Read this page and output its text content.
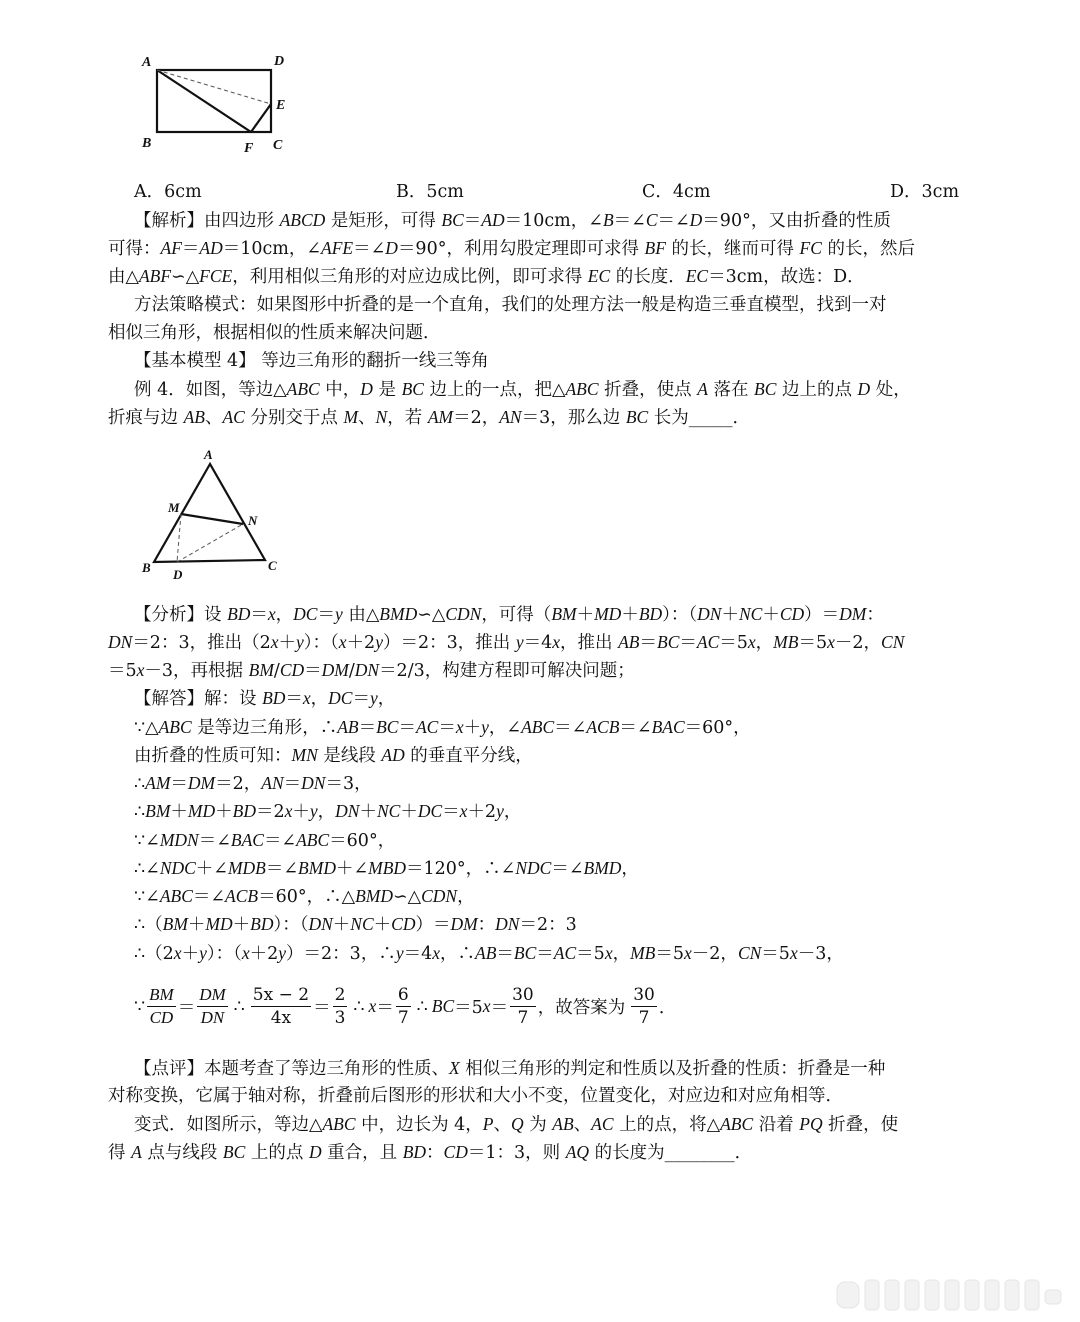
A	D
E
B	F C
A．6cm	B．5cm	C．4cm	D．3cm
【解析】由四边形 ABCD 是矩形，可得 BC＝AD＝10cm，∠B＝∠C＝∠D＝90°，又由折叠的性质
可得：AF＝AD＝10cm，∠AFE＝∠D＝90°，利用勾股定理即可求得 BF 的长，继而可得 FC 的长，然后
由△ABF∽△FCE，利用相似三角形的对应边成比例，即可求得 EC 的长度．EC＝3cm，故选：D．
方法策略模式：如果图形中折叠的是一个直角，我们的处理方法一般是构造三垂直模型，找到一对
相似三角形，根据相似的性质来解决问题．
【基本模型 4】 等边三角形的翻折一线三等角
例 4．如图，等边△ABC 中，D 是 BC 边上的一点，把△ABC 折叠，使点 A 落在 BC 边上的点 D 处，
折痕与边 AB、AC 分别交于点 M、N，若 AM＝2，AN＝3，那么边 BC 长为_____．
A
M
N
B D
C
【分析】设 BD＝x，DC＝y 由△BMD∽△CDN，可得（BM＋MD＋BD）：（DN＋NC＋CD）＝DM：
DN＝2：3，推出（2x＋y）：（x＋2y）＝2：3，推出 y＝4x，推出 AB＝BC＝AC＝5x，MB＝5x－2，CN
＝5x－3，再根据 BM/CD＝DM/DN＝2/3，构建方程即可解决问题；
【解答】解：设 BD＝x，DC＝y，
∵△ABC 是等边三角形，∴AB＝BC＝AC＝x＋y，∠ABC＝∠ACB＝∠BAC＝60°，
由折叠的性质可知：MN 是线段 AD 的垂直平分线，
∴AM＝DM＝2，AN＝DN＝3，
∴BM＋MD＋BD＝2x＋y，DN＋NC＋DC＝x＋2y，
∵∠MDN＝∠BAC＝∠ABC＝60°，
∴∠NDC＋∠MDB＝∠BMD＋∠MBD＝120°，∴∠NDC＝∠BMD，
∵∠ABC＝∠ACB＝60°，∴△BMD∽△CDN，
∴（BM＋MD＋BD）：（DN＋NC＋CD）＝DM：DN＝2：3
∴（2x＋y）：（x＋2y）＝2：3，∴y＝4x，∴AB＝BC＝AC＝5x，MB＝5x－2，CN＝5x－3，
∵ $\frac{BM}{CD} = \frac{DM}{DN}$ ∴ $\frac{5x - 2}{4x} = \frac{2}{3}$ ∴ $x = \frac{6}{7}$ ∴ BC ＝5 $x = \frac{30}{7}$ ，故答案为 $\frac{30}{7}$ ．
【点评】本题考查了等边三角形的性质、X 相似三角形的判定和性质以及折叠的性质：折叠是一种
对称变换，它属于轴对称，折叠前后图形的形状和大小不变，位置变化，对应边和对应角相等．
变式．如图所示，等边△ABC 中，边长为 4，P、Q 为 AB、AC 上的点，将△ABC 沿着 PQ 折叠，使
得 A 点与线段 BC 上的点 D 重合，且 BD：CD＝1：3，则 AQ 的长度为________．
